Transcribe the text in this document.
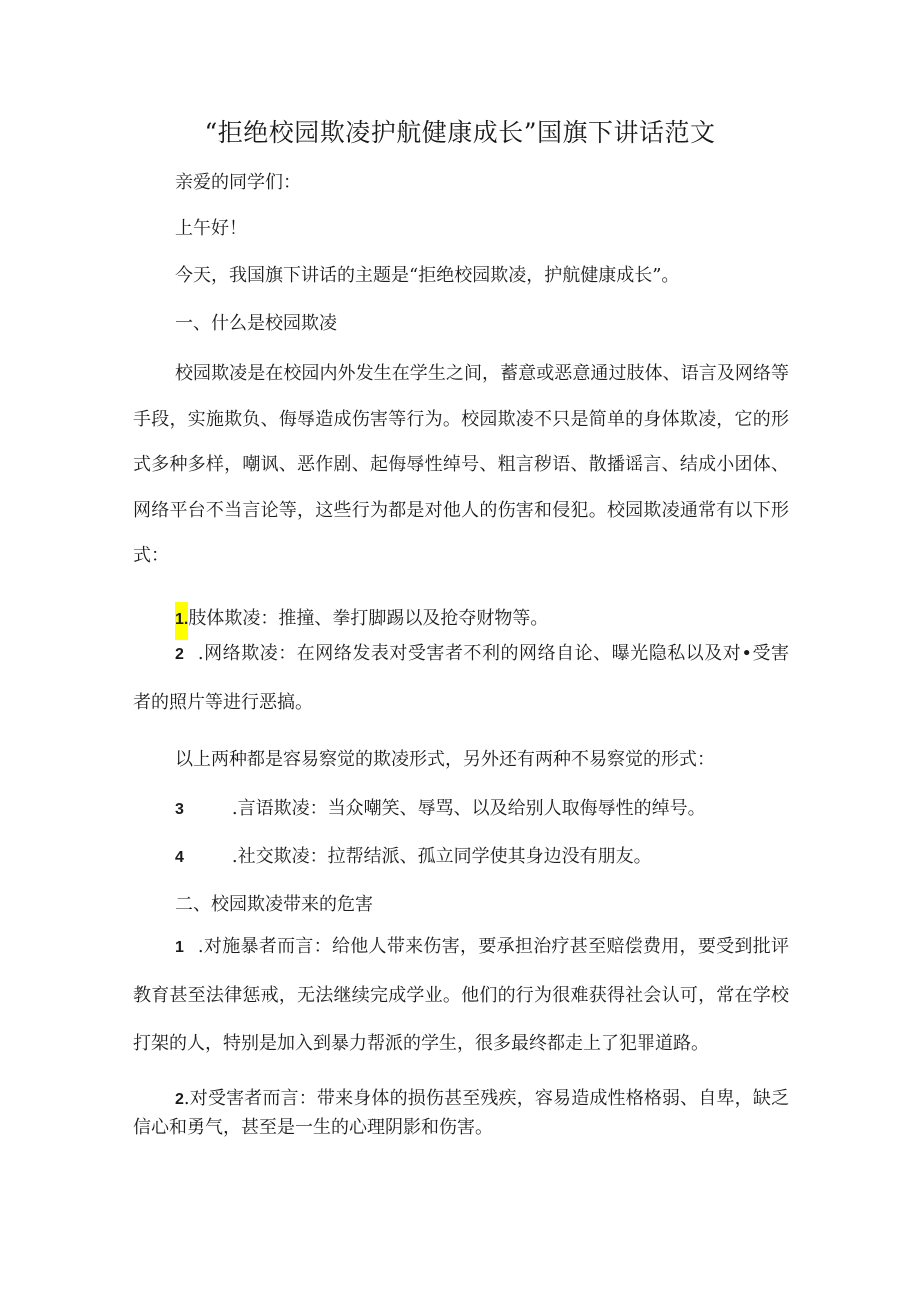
“拒绝校园欺凌护航健康成长”国旗下讲话范文
亲爱的同学们：
上午好！
今天，我国旗下讲话的主题是“拒绝校园欺凌，护航健康成长”。
一、什么是校园欺凌

校园欺凌是在校园内外发生在学生之间，蓄意或恶意通过肢体、语言及网络等手段，实施欺负、侮辱造成伤害等行为。校园欺凌不只是简单的身体欺凌，它的形式多种多样，嘲讽、恶作剧、起侮辱性绰号、粗言秽语、散播谣言、结成小团体、网络平台不当言论等，这些行为都是对他人的伤害和侵犯。校园欺凌通常有以下形式：

1.肢体欺凌：推撞、拳打脚踢以及抢夺财物等。

2 .网络欺凌：在网络发表对受害者不利的网络自论、曝光隐私以及对•受害者的照片等进行恶搞。

以上两种都是容易察觉的欺凌形式，另外还有两种不易察觉的形式：
3	.言语欺凌：当众嘲笑、辱骂、以及给别人取侮辱性的绰号。
4	.社交欺凌：拉帮结派、孤立同学使其身边没有朋友。
二、校园欺凌带来的危害

1 .对施暴者而言：给他人带来伤害，要承担治疗甚至赔偿费用，要受到批评教育甚至法律惩戒，无法继续完成学业。他们的行为很难获得社会认可，常在学校打架的人，特别是加入到暴力帮派的学生，很多最终都走上了犯罪道路。

2.对受害者而言：带来身体的损伤甚至残疾，容易造成性格格弱、自卑，缺乏信心和勇气，甚至是一生的心理阴影和伤害。
